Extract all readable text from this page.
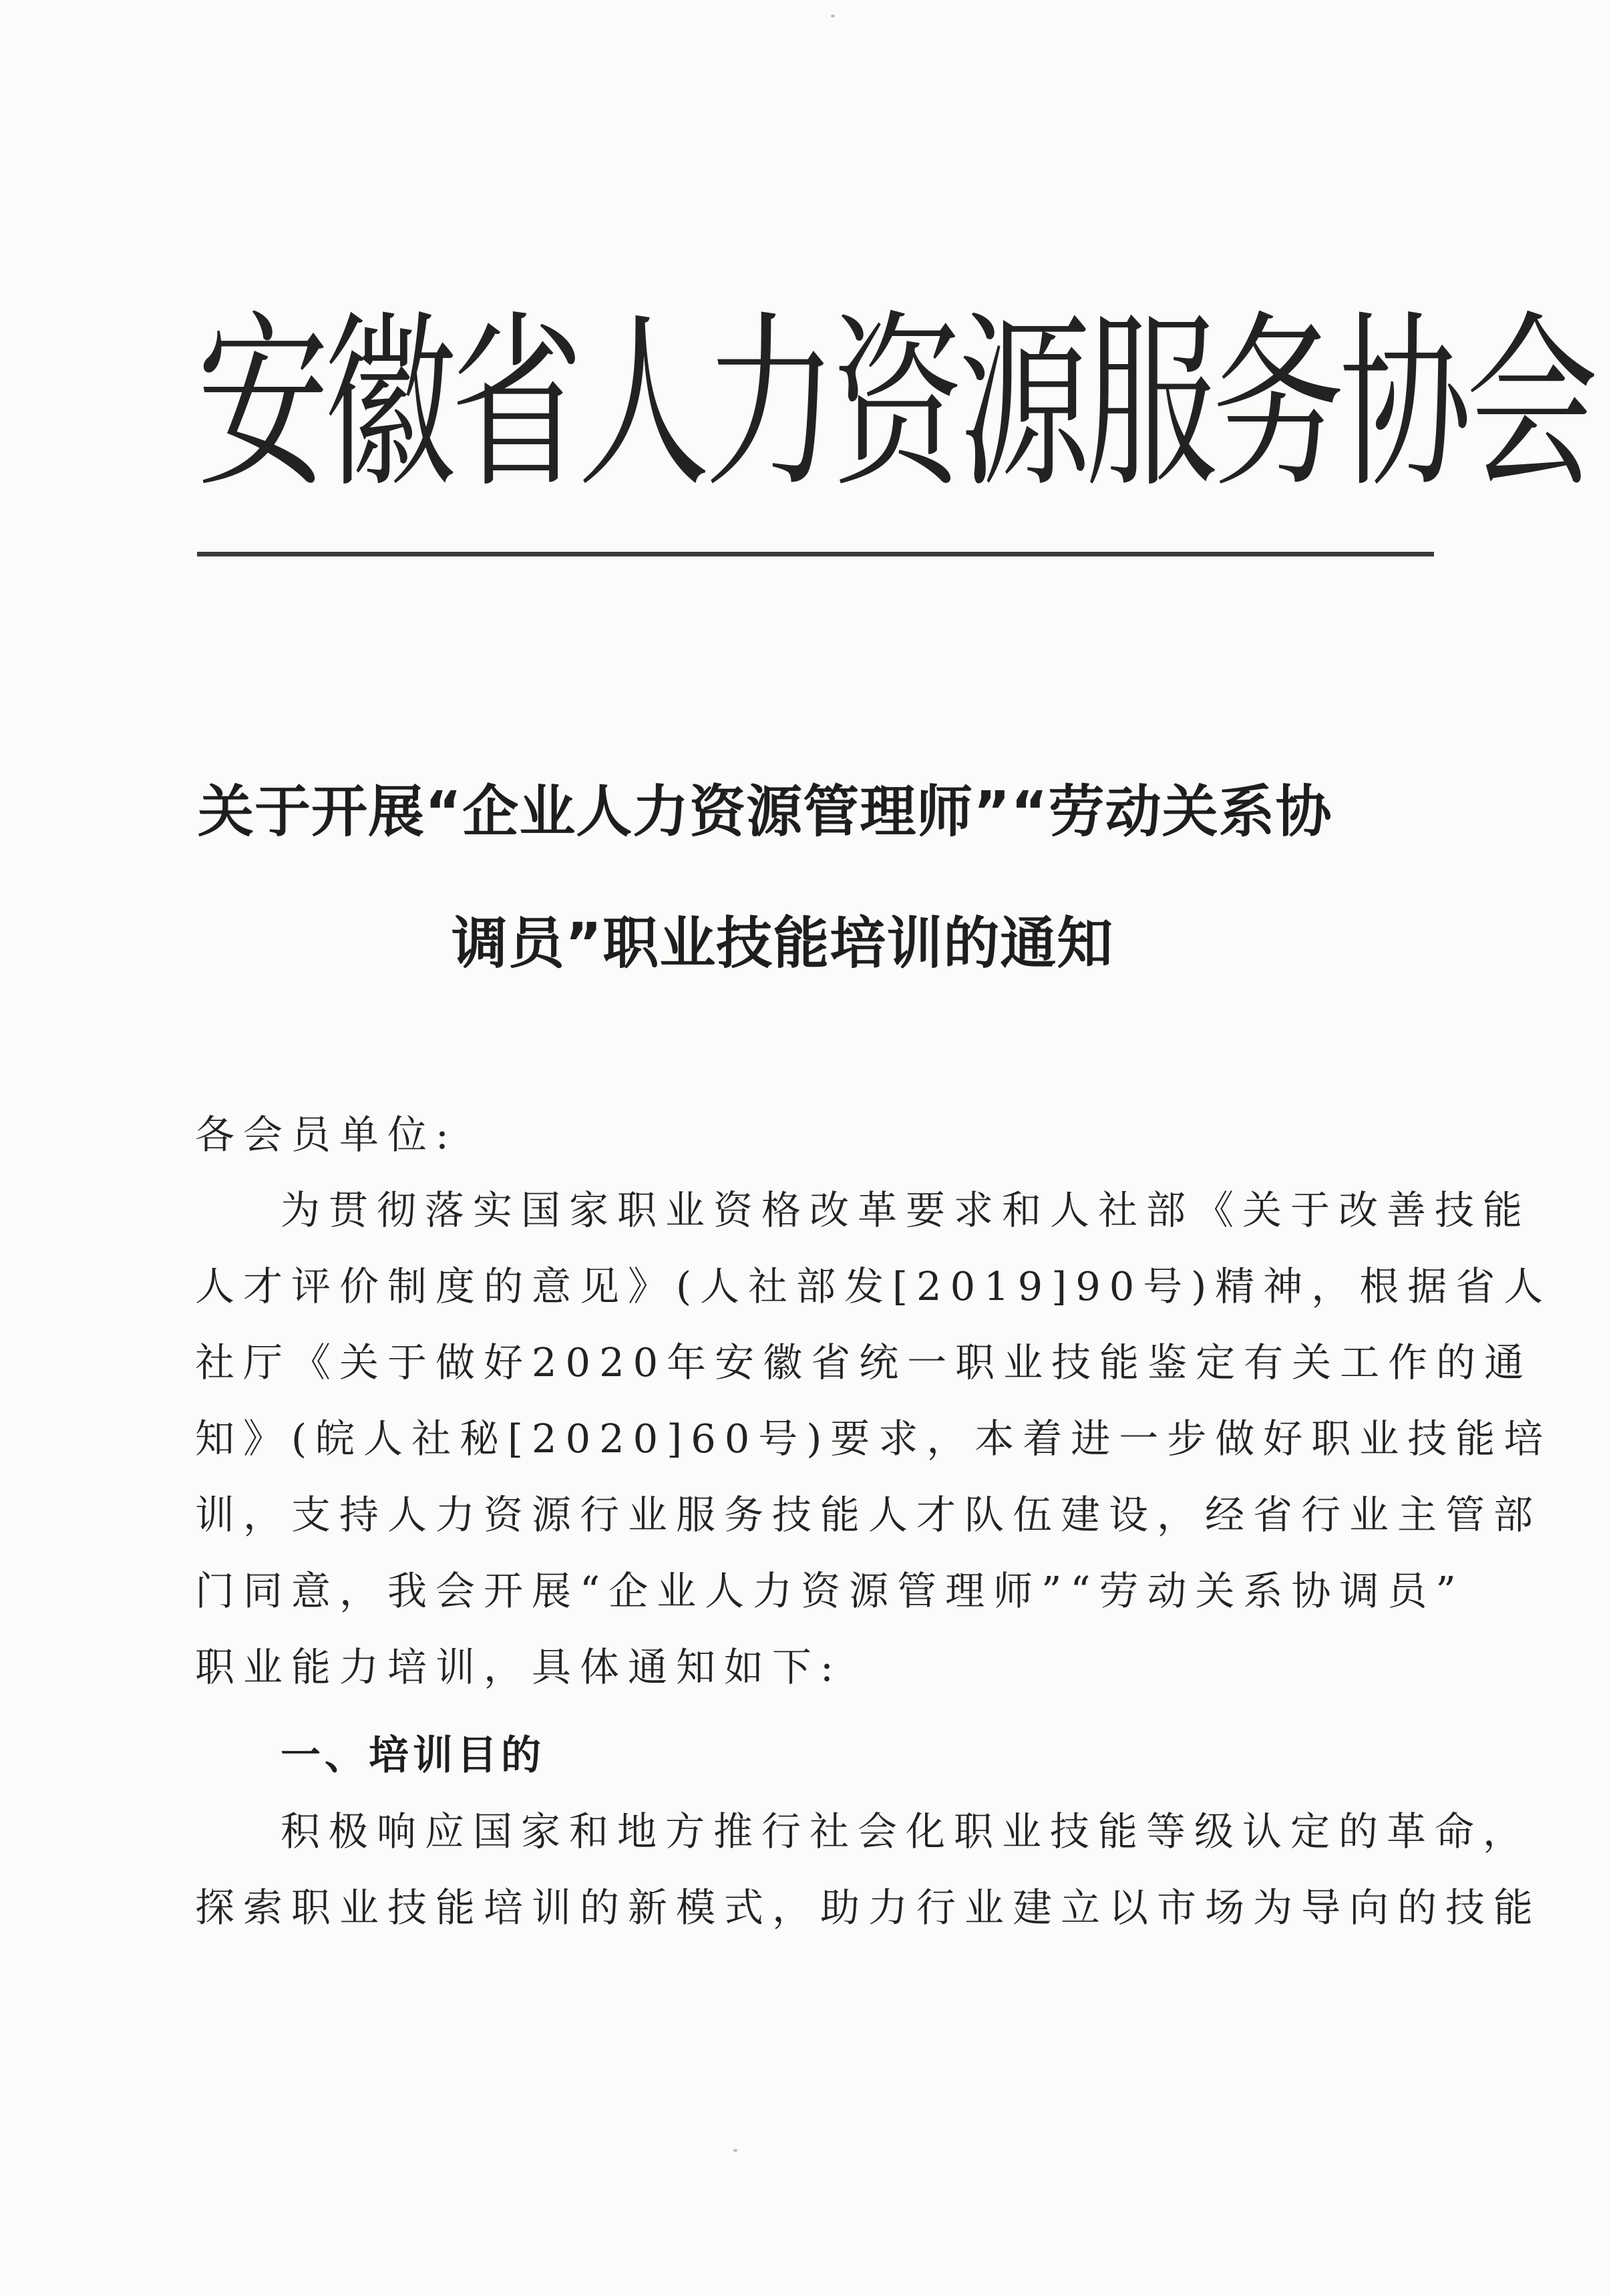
安徽省人力资源服务协会
关于开展“企业人力资源管理师”“劳动关系协
调员”职业技能培训的通知
各会员单位:
为贯彻落实国家职业资格改革要求和人社部《关于改善技能
人才评价制度的意见》(人社部发[2019]90号)精神，根据省人
社厅《关于做好2020年安徽省统一职业技能鉴定有关工作的通
知》(皖人社秘[2020]60号)要求，本着进一步做好职业技能培
训，支持人力资源行业服务技能人才队伍建设，经省行业主管部
门同意，我会开展“企业人力资源管理师”“劳动关系协调员”
职业能力培训，具体通知如下:
一、培训目的
积极响应国家和地方推行社会化职业技能等级认定的革命，
探索职业技能培训的新模式，助力行业建立以市场为导向的技能
